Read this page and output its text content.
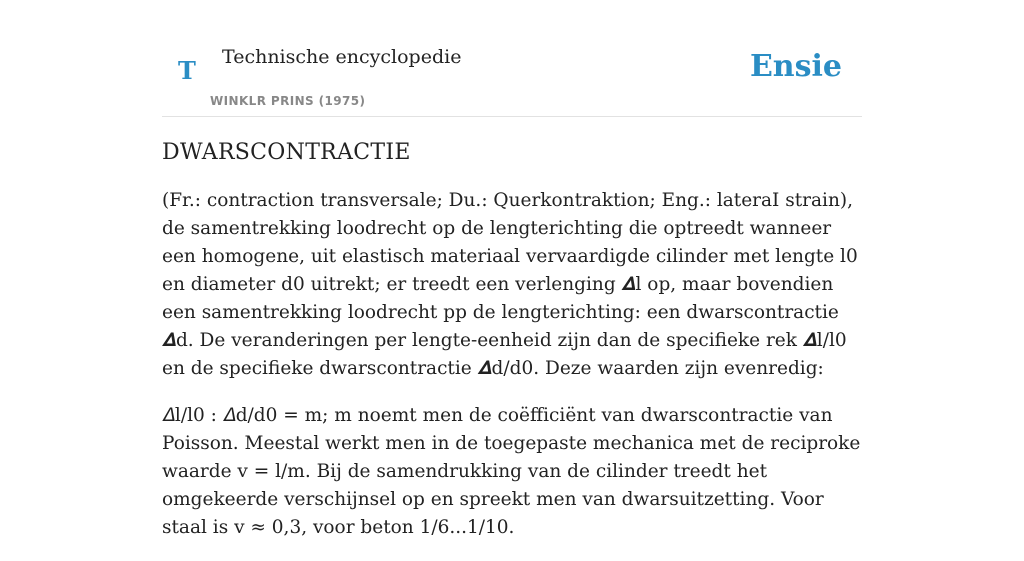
T Technische encyclopedie
WINKLR PRINS (1975)
Ensie
DWARSCONTRACTIE

(Fr.: contraction transversale; Du.: Querkontraktion; Eng.: lateraI strain), de samentrekking loodrecht op de lengterichting die optreedt wanneer een homogene, uit elastisch materiaal vervaardigde cilinder met lengte l0 en diameter d0 uitrekt; er treedt een verlenging 𝜟l op, maar bovendien een samentrekking loodrecht pp de lengterichting: een dwarscontractie 𝜟d. De veranderingen per lengte-eenheid zijn dan de specifieke rek 𝜟l/l0 en de specifieke dwarscontractie 𝜟d/d0. Deze waarden zijn evenredig:

𝛥l/l0 : 𝛥d/d0 = m; m noemt men de coëfficiënt van dwarscontractie van Poisson. Meestal werkt men in de toegepaste mechanica met de reciproke waarde v = l/m. Bij de samendrukking van de cilinder treedt het omgekeerde verschijnsel op en spreekt men van dwarsuitzetting. Voor staal is v ≈ 0,3, voor beton 1/6...1/10.
